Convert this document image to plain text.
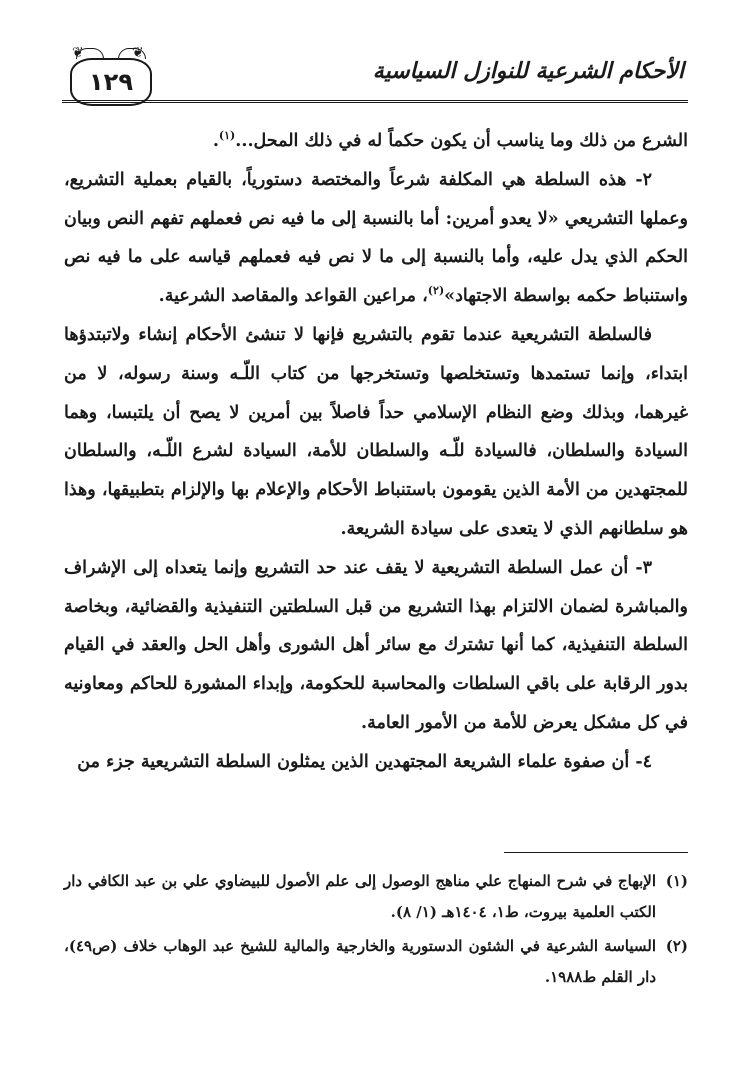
١٢٩
❦	❦
الأحكام الشرعية للنوازل السياسية

الشرع من ذلك وما يناسب أن يكون حكماً له في ذلك المحل...$^{(١)}$.

٢- هذه السلطة هي المكلفة شرعاً والمختصة دستورياً، بالقيام بعملية التشريع، وعملها التشريعي «لا يعدو أمرين: أما بالنسبة إلى ما فيه نص فعملهم تفهم النص وبيان الحكم الذي يدل عليه، وأما بالنسبة إلى ما لا نص فيه فعملهم قياسه على ما فيه نص واستنباط حكمه بواسطة الاجتهاد»$^{(٢)}$، مراعين القواعد والمقاصد الشرعية.

فالسلطة التشريعية عندما تقوم بالتشريع فإنها لا تنشئ الأحكام إنشاء ولاتبتدؤها ابتداء، وإنما تستمدها وتستخلصها وتستخرجها من كتاب اللّـه وسنة رسوله، لا من غيرهما، وبذلك وضع النظام الإسلامي حداً فاصلاً بين أمرين لا يصح أن يلتبسا، وهما السيادة والسلطان، فالسيادة للّـه والسلطان للأمة، السيادة لشرع اللّـه، والسلطان للمجتهدين من الأمة الذين يقومون باستنباط الأحكام والإعلام بها والإلزام بتطبيقها، وهذا هو سلطانهم الذي لا يتعدى على سيادة الشريعة.

٣- أن عمل السلطة التشريعية لا يقف عند حد التشريع وإنما يتعداه إلى الإشراف والمباشرة لضمان الالتزام بهذا التشريع من قبل السلطتين التنفيذية والقضائية، وبخاصة السلطة التنفيذية، كما أنها تشترك مع سائر أهل الشورى وأهل الحل والعقد في القيام بدور الرقابة على باقي السلطات والمحاسبة للحكومة، وإبداء المشورة للحاكم ومعاونيه في كل مشكل يعرض للأمة من الأمور العامة.

٤- أن صفوة علماء الشريعة المجتهدين الذين يمثلون السلطة التشريعية جزء من

(١)
الإبهاج في شرح المنهاج علي مناهج الوصول إلى علم الأصول للبيضاوي علي بن عبد الكافي دار الكتب العلمية بيروت، ط١، ١٤٠٤هـ (١/ ٨).

(٢)
السياسة الشرعية في الشئون الدستورية والخارجية والمالية للشيخ عبد الوهاب خلاف (ص٤٩)، دار القلم ط١٩٨٨.
